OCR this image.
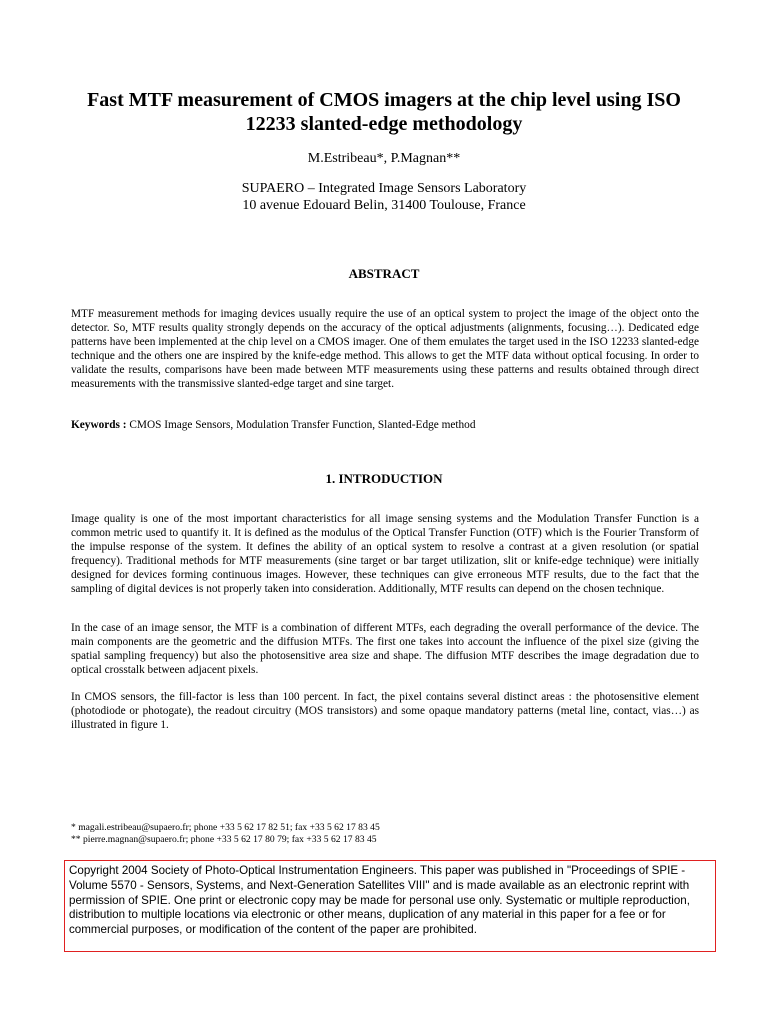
Fast MTF measurement of CMOS imagers at the chip level using ISO 12233 slanted-edge methodology

M.Estribeau*, P.Magnan**

SUPAERO – Integrated Image Sensors Laboratory
10 avenue Edouard Belin, 31400 Toulouse, France

ABSTRACT

MTF measurement methods for imaging devices usually require the use of an optical system to project the image of the object onto the detector. So, MTF results quality strongly depends on the accuracy of the optical adjustments (alignments, focusing…). Dedicated edge patterns have been implemented at the chip level on a CMOS imager. One of them emulates the target used in the ISO 12233 slanted-edge technique and the others one are inspired by the knife-edge method. This allows to get the MTF data without optical focusing. In order to validate the results, comparisons have been made between MTF measurements using these patterns and results obtained through direct measurements with the transmissive slanted-edge target and sine target.

Keywords : CMOS Image Sensors, Modulation Transfer Function, Slanted-Edge method

1. INTRODUCTION

Image quality is one of the most important characteristics for all image sensing systems and the Modulation Transfer Function is a common metric used to quantify it. It is defined as the modulus of the Optical Transfer Function (OTF) which is the Fourier Transform of the impulse response of the system. It defines the ability of an optical system to resolve a contrast at a given resolution (or spatial frequency). Traditional methods for MTF measurements (sine target or bar target utilization, slit or knife-edge technique) were initially designed for devices forming continuous images. However, these techniques can give erroneous MTF results, due to the fact that the sampling of digital devices is not properly taken into consideration. Additionally, MTF results can depend on the chosen technique.

In the case of an image sensor, the MTF is a combination of different MTFs, each degrading the overall performance of the device. The main components are the geometric and the diffusion MTFs. The first one takes into account the influence of the pixel size (giving the spatial sampling frequency) but also the photosensitive area size and shape. The diffusion MTF describes the image degradation due to optical crosstalk between adjacent pixels.

In CMOS sensors, the fill-factor is less than 100 percent. In fact, the pixel contains several distinct areas : the photosensitive element (photodiode or photogate), the readout circuitry (MOS transistors) and some opaque mandatory patterns (metal line, contact, vias…) as illustrated in figure 1.

* magali.estribeau@supaero.fr; phone +33 5 62 17 82 51; fax +33 5 62 17 83 45
** pierre.magnan@supaero.fr; phone +33 5 62 17 80 79; fax +33 5 62 17 83 45
Copyright 2004 Society of Photo-Optical Instrumentation Engineers. This paper was published in "Proceedings of SPIE - Volume 5570 - Sensors, Systems, and Next-Generation Satellites VIII" and is made available as an electronic reprint with permission of SPIE. One print or electronic copy may be made for personal use only. Systematic or multiple reproduction, distribution to multiple locations via electronic or other means, duplication of any material in this paper for a fee or for commercial purposes, or modification of the content of the paper are prohibited.
